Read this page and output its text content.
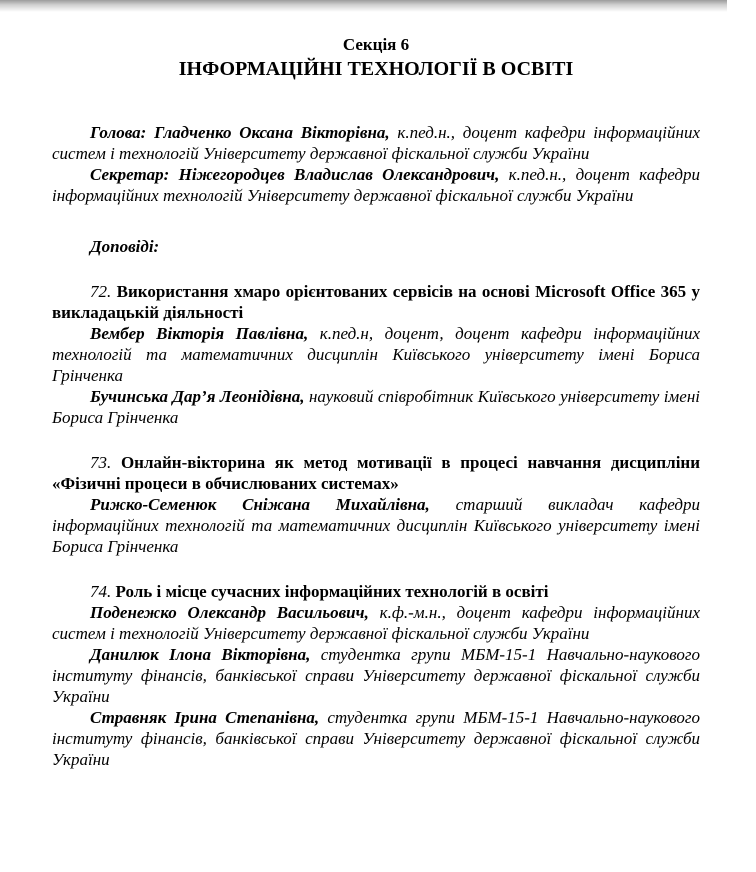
Секція 6
ІНФОРМАЦІЙНІ ТЕХНОЛОГІЇ В ОСВІТІ

Голова: Гладченко Оксана Вікторівна, к.пед.н., доцент кафедри інформаційних систем і технологій Університету державної фіскальної служби України

Секретар: Ніжегородцев Владислав Олександрович, к.пед.н., доцент кафедри інформаційних технологій Університету державної фіскальної служби України

Доповіді:

72. Використання хмаро орієнтованих сервісів на основі Microsoft Office 365 у викладацькій діяльності

Вембер Вікторія Павлівна, к.пед.н, доцент, доцент кафедри інформаційних технологій та математичних дисциплін Київського університету імені Бориса Грінченка

Бучинська Дар’я Леонідівна, науковий співробітник Київського університету імені Бориса Грінченка

73. Онлайн-вікторина як метод мотивації в процесі навчання дисципліни «Фізичні процеси в обчислюваних системах»

Рижко-Семенюк Сніжана Михайлівна, старший викладач кафедри інформаційних технологій та математичних дисциплін Київського університету імені Бориса Грінченка

74. Роль і місце сучасних інформаційних технологій в освіті

Поденежко Олександр Васильович, к.ф.-м.н., доцент кафедри інформаційних систем і технологій Університету державної фіскальної служби України

Данилюк Ілона Вікторівна, студентка групи МБМ-15-1 Навчально-наукового інституту фінансів, банківської справи Університету державної фіскальної служби України

Стравняк Ірина Степанівна, студентка групи МБМ-15-1 Навчально-наукового інституту фінансів, банківської справи Університету державної фіскальної служби України
